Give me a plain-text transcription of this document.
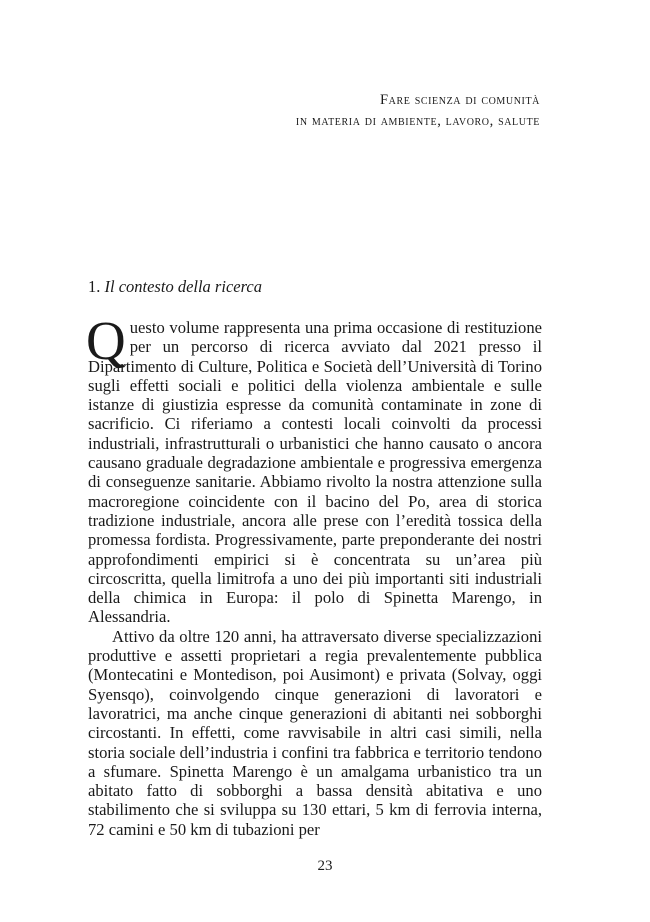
Fare scienza di comunità
in materia di ambiente, lavoro, salute
1. Il contesto della ricerca

Questo volume rappresenta una prima occasione di restituzione per un percorso di ricerca avviato dal 2021 presso il Dipartimento di Culture, Politica e Società dell’Università di Torino sugli effetti sociali e politici della violenza ambientale e sulle istanze di giustizia espresse da comunità contaminate in zone di sacrificio. Ci riferiamo a contesti locali coinvolti da processi industriali, infrastrutturali o urbanistici che hanno causato o ancora causano graduale degradazione ambientale e progressiva emergenza di conseguenze sanitarie. Abbiamo rivolto la nostra attenzione sulla macroregione coincidente con il bacino del Po, area di storica tradizione industriale, ancora alle prese con l’eredità tossica della promessa fordista. Progressivamente, parte preponderante dei nostri approfondimenti empirici si è concentrata su un’area più circoscritta, quella limitrofa a uno dei più importanti siti industriali della chimica in Europa: il polo di Spinetta Marengo, in Alessandria.

Attivo da oltre 120 anni, ha attraversato diverse specializzazioni produttive e assetti proprietari a regia prevalentemente pubblica (Montecatini e Montedison, poi Ausimont) e privata (Solvay, oggi Syensqo), coinvolgendo cinque generazioni di lavoratori e lavoratrici, ma anche cinque generazioni di abitanti nei sobborghi circostanti. In effetti, come ravvisabile in altri casi simili, nella storia sociale dell’industria i confini tra fabbrica e territorio tendono a sfumare. Spinetta Marengo è un amalgama urbanistico tra un abitato fatto di sobborghi a bassa densità abitativa e uno stabilimento che si sviluppa su 130 ettari, 5 km di ferrovia interna, 72 camini e 50 km di tubazioni per

23
